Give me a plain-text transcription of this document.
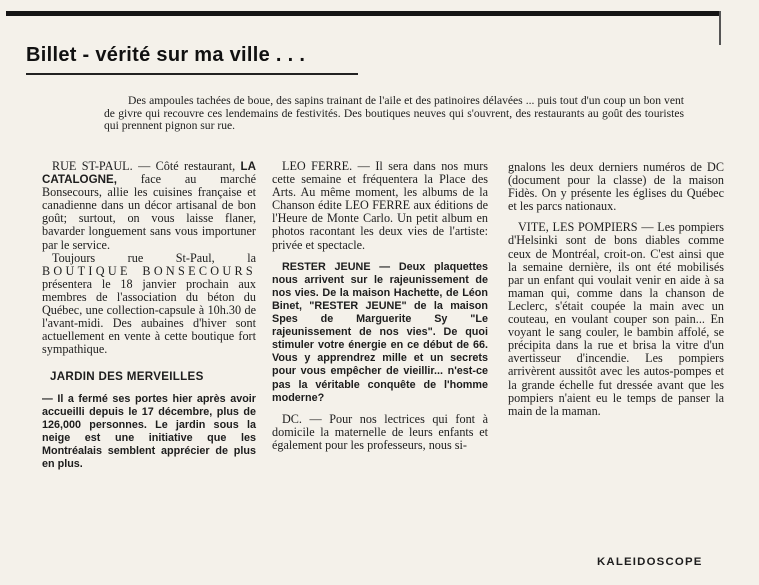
Billet - vérité sur ma ville . . .

Des ampoules tachées de boue, des sapins trainant de l'aile et des patinoires délavées ... puis tout d'un coup un bon vent de givre qui recouvre ces lendemains de festivités. Des boutiques neuves qui s'ouvrent, des restaurants au goût des touristes qui prennent pignon sur rue.

RUE ST-PAUL. — Côté restaurant, LA CATALOGNE, face au marché Bonsecours, allie les cuisines française et canadienne dans un décor artisanal de bon goût; surtout, on vous laisse flaner, bavarder longuement sans vous importuner par le service.

Toujours rue St-Paul, la BOUTIQUE BONSECOURS présentera le 18 janvier prochain aux membres de l'association du béton du Québec, une collection-capsule à 10h.30 de l'avant-midi. Des aubaines d'hiver sont actuellement en vente à cette boutique fort sympathique.

JARDIN DES MERVEILLES

— Il a fermé ses portes hier après avoir accueilli depuis le 17 décembre, plus de 126,000 personnes. Le jardin sous la neige est une initiative que les Montréalais semblent apprécier de plus en plus.

LEO FERRE. — Il sera dans nos murs cette semaine et fréquentera la Place des Arts. Au même moment, les albums de la Chanson édite LEO FERRE aux éditions de l'Heure de Monte Carlo. Un petit album en photos racontant les deux vies de l'artiste: privée et spectacle.

RESTER JEUNE — Deux plaquettes nous arrivent sur le rajeunissement de nos vies. De la maison Hachette, de Léon Binet, "RESTER JEUNE" de la maison Spes de Marguerite Sy "Le rajeunissement de nos vies". De quoi stimuler votre énergie en ce début de 66. Vous y apprendrez mille et un secrets pour vous empêcher de vieillir... n'est-ce pas la véritable conquête de l'homme moderne?

DC. — Pour nos lectrices qui font à domicile la maternelle de leurs enfants et également pour les professeurs, nous si-

gnalons les deux derniers numéros de DC (document pour la classe) de la maison Fidès. On y présente les églises du Québec et les parcs nationaux.

VITE, LES POMPIERS — Les pompiers d'Helsinki sont de bons diables comme ceux de Montréal, croit-on. C'est ainsi que la semaine dernière, ils ont été mobilisés par un enfant qui voulait venir en aide à sa maman qui, comme dans la chanson de Leclerc, s'était coupée la main avec un couteau, en voulant couper son pain... En voyant le sang couler, le bambin affolé, se précipita dans la rue et brisa la vitre d'un avertisseur d'incendie. Les pompiers arrivèrent aussitôt avec les autos-pompes et la grande échelle fut dressée avant que les pompiers n'aient eu le temps de panser la main de la maman.

KALEIDOSCOPE
